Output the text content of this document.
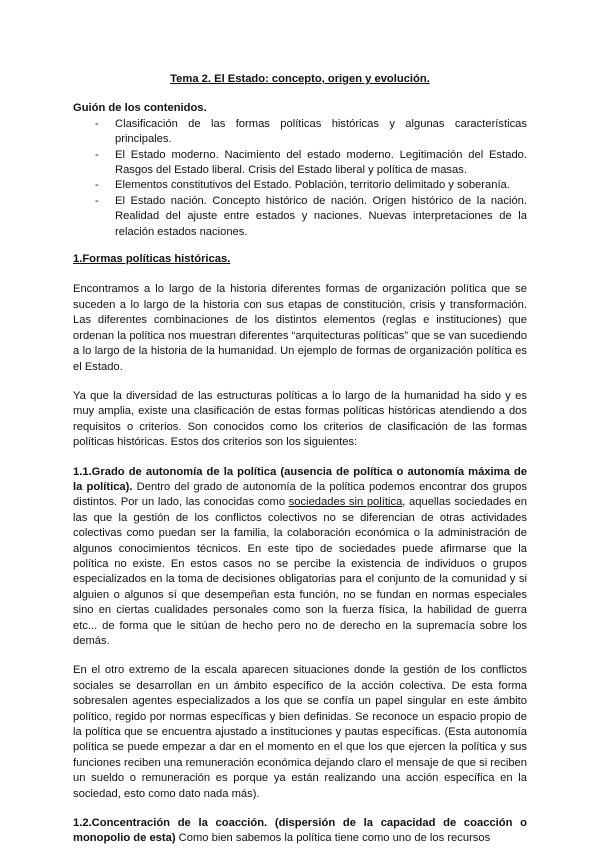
Tema 2. El Estado: concepto, origen y evolución.
Guión de los contenidos.
- Clasificación de las formas políticas históricas y algunas características principales.
- El Estado moderno. Nacimiento del estado moderno. Legitimación del Estado. Rasgos del Estado liberal. Crisis del Estado liberal y política de masas.
- Elementos constitutivos del Estado. Población, territorio delimitado y soberanía.
- El Estado nación. Concepto histórico de nación. Origen histórico de la nación. Realidad del ajuste entre estados y naciones. Nuevas interpretaciones de la relación estados naciones.
1.Formas políticas históricas.

Encontramos a lo largo de la historia diferentes formas de organización política que se suceden a lo largo de la historia con sus etapas de constitución, crisis y transformación. Las diferentes combinaciones de los distintos elementos (reglas e instituciones) que ordenan la política nos muestran diferentes “arquitecturas políticas” que se van sucediendo a lo largo de la historia de la humanidad. Un ejemplo de formas de organización política es el Estado.

Ya que la diversidad de las estructuras políticas a lo largo de la humanidad ha sido y es muy amplia, existe una clasificación de estas formas políticas históricas atendiendo a dos requisitos o criterios. Son conocidos como los criterios de clasificación de las formas políticas históricas. Estos dos criterios son los siguientes:

1.1.Grado de autonomía de la política (ausencia de política o autonomía máxima de la política). Dentro del grado de autonomía de la política podemos encontrar dos grupos distintos. Por un lado, las conocidas como sociedades sin política, aquellas sociedades en las que la gestión de los conflictos colectivos no se diferencian de otras actividades colectivas como puedan ser la familia, la colaboración económica o la administración de algunos conocimientos técnicos. En este tipo de sociedades puede afirmarse que la política no existe. En estos casos no se percibe la existencia de individuos o grupos especializados en la toma de decisiones obligatorias para el conjunto de la comunidad y si alguien o algunos sí que desempeñan esta función, no se fundan en normas especiales sino en ciertas cualidades personales como son la fuerza física, la habilidad de guerra etc... de forma que le sitúan de hecho pero no de derecho en la supremacía sobre los demás.

En el otro extremo de la escala aparecen situaciones donde la gestión de los conflictos sociales se desarrollan en un ámbito específico de la acción colectiva. De esta forma sobresalen agentes especializados a los que se confía un papel singular en este ámbito político, regido por normas específicas y bien definidas. Se reconoce un espacio propio de la política que se encuentra ajustado a instituciones y pautas específicas. (Esta autonomía política se puede empezar a dar en el momento en el que los que ejercen la política y sus funciones reciben una remuneración económica dejando claro el mensaje de que si reciben un sueldo o remuneración es porque ya están realizando una acción específica en la sociedad, esto como dato nada más).

1.2.Concentración de la coacción. (dispersión de la capacidad de coacción o monopolio de esta) Como bien sabemos la política tiene como uno de los recursos
